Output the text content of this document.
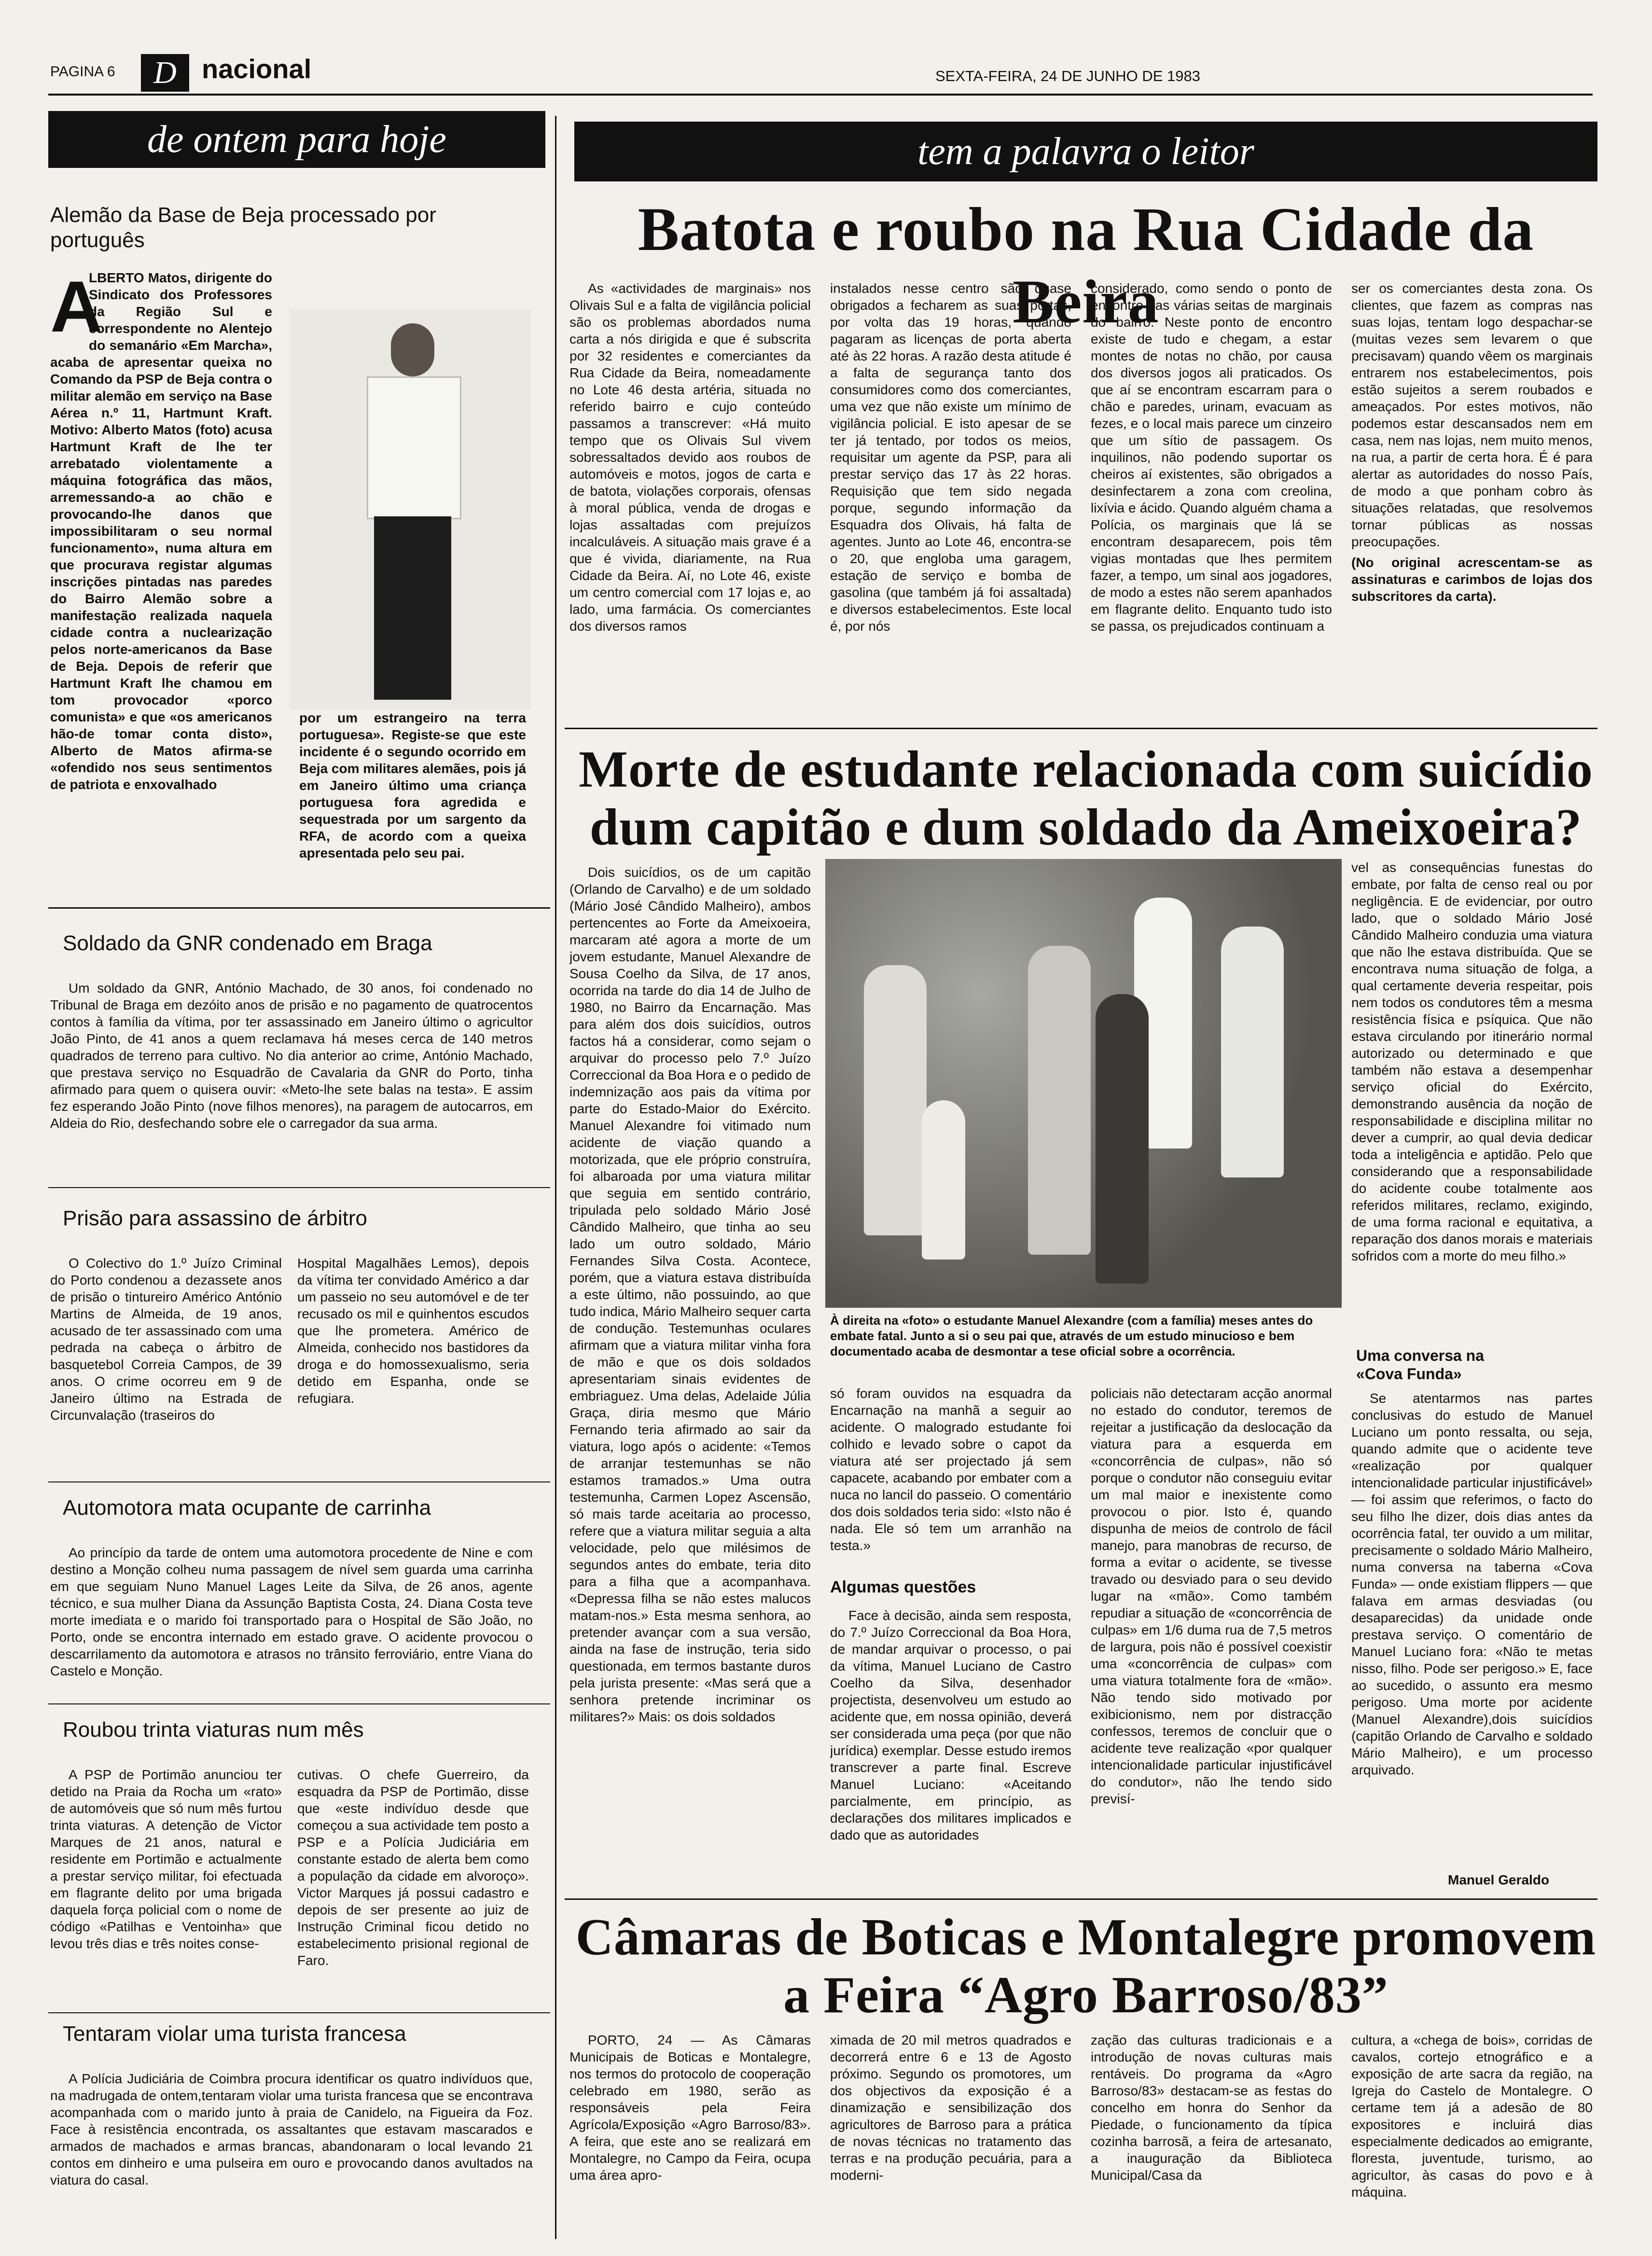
PAGINA 6	D nacional	SEXTA-FEIRA, 24 DE JUNHO DE 1983
de ontem para hoje	tem a palavra o leitor
Alemão da Base de Beja processado por português
A
LBERTO Matos, dirigente do Sindicato dos Professores da Região Sul e correspondente no Alentejo do semanário «Em Marcha», acaba de apresentar queixa no Comando da PSP de Beja contra o militar alemão em serviço na Base Aérea n.º 11, Hartmunt Kraft. Motivo: Alberto Matos (foto) acusa Hartmunt Kraft de lhe ter arrebatado violentamente a máquina fotográfica das mãos, arremessando-a ao chão e provocando-lhe danos que impossibilitaram o seu normal funcionamento», numa altura em que procurava registar algumas inscrições pintadas nas paredes do Bairro Alemão sobre a manifestação realizada naquela cidade contra a nuclearização pelos norte-americanos da Base de Beja. Depois de referir que Hartmunt Kraft lhe chamou em tom provocador «porco comunista» e que «os americanos hão-de tomar conta disto», Alberto de Matos afirma-se «ofendido nos seus sentimentos de patriota e enxovalhado
por um estrangeiro na terra portuguesa». Registe-se que este incidente é o segundo ocorrido em Beja com militares alemães, pois já em Janeiro último uma criança portuguesa fora agredida e sequestrada por um sargento da RFA, de acordo com a queixa apresentada pelo seu pai.
Soldado da GNR condenado em Braga

Um soldado da GNR, António Machado, de 30 anos, foi condenado no Tribunal de Braga em dezóito anos de prisão e no pagamento de quatrocentos contos à família da vítima, por ter assassinado em Janeiro último o agricultor João Pinto, de 41 anos a quem reclamava há meses cerca de 140 metros quadrados de terreno para cultivo. No dia anterior ao crime, António Machado, que prestava serviço no Esquadrão de Cavalaria da GNR do Porto, tinha afirmado para quem o quisera ouvir: «Meto-lhe sete balas na testa». E assim fez esperando João Pinto (nove filhos menores), na paragem de autocarros, em Aldeia do Rio, desfechando sobre ele o carregador da sua arma.

Prisão para assassino de árbitro

O Colectivo do 1.º Juízo Criminal do Porto condenou a dezassete anos de prisão o tintureiro Américo António Martins de Almeida, de 19 anos, acusado de ter assassinado com uma pedrada na cabeça o árbitro de basquetebol Correia Campos, de 39 anos. O crime ocorreu em 9 de Janeiro último na Estrada de Circunvalação (traseiros do

Hospital Magalhães Lemos), depois da vítima ter convidado Américo a dar um passeio no seu automóvel e de ter recusado os mil e quinhentos escudos que lhe prometera. Américo de Almeida, conhecido nos bastidores da droga e do homossexualismo, seria detido em Espanha, onde se refugiara.

Automotora mata ocupante de carrinha

Ao princípio da tarde de ontem uma automotora procedente de Nine e com destino a Monção colheu numa passagem de nível sem guarda uma carrinha em que seguiam Nuno Manuel Lages Leite da Silva, de 26 anos, agente técnico, e sua mulher Diana da Assunção Baptista Costa, 24. Diana Costa teve morte imediata e o marido foi transportado para o Hospital de São João, no Porto, onde se encontra internado em estado grave. O acidente provocou o descarrilamento da automotora e atrasos no trânsito ferroviário, entre Viana do Castelo e Monção.

Roubou trinta viaturas num mês

A PSP de Portimão anunciou ter detido na Praia da Rocha um «rato» de automóveis que só num mês furtou trinta viaturas. A detenção de Victor Marques de 21 anos, natural e residente em Portimão e actualmente a prestar serviço militar, foi efectuada em flagrante delito por uma brigada daquela força policial com o nome de código «Patilhas e Ventoinha» que levou três dias e três noites conse-

cutivas. O chefe Guerreiro, da esquadra da PSP de Portimão, disse que «este indivíduo desde que começou a sua actividade tem posto a PSP e a Polícia Judiciária em constante estado de alerta bem como a população da cidade em alvoroço». Victor Marques já possui cadastro e depois de ser presente ao juiz de Instrução Criminal ficou detido no estabelecimento prisional regional de Faro.

Tentaram violar uma turista francesa

A Polícia Judiciária de Coimbra procura identificar os quatro indivíduos que, na madrugada de ontem,tentaram violar uma turista francesa que se encontrava acompanhada com o marido junto à praia de Canidelo, na Figueira da Foz. Face à resistência encontrada, os assaltantes que estavam mascarados e armados de machados e armas brancas, abandonaram o local levando 21 contos em dinheiro e uma pulseira em ouro e provocando danos avultados na viatura do casal.

Batota e roubo na Rua Cidade da Beira

As «actividades de marginais» nos Olivais Sul e a falta de vigilância policial são os problemas abordados numa carta a nós dirigida e que é subscrita por 32 residentes e comerciantes da Rua Cidade da Beira, nomeadamente no Lote 46 desta artéria, situada no referido bairro e cujo conteúdo passamos a transcrever: «Há muito tempo que os Olivais Sul vivem sobressaltados devido aos roubos de automóveis e motos, jogos de carta e de batota, violações corporais, ofensas à moral pública, venda de drogas e lojas assaltadas com prejuízos incalculáveis. A situação mais grave é a que é vivida, diariamente, na Rua Cidade da Beira. Aí, no Lote 46, existe um centro comercial com 17 lojas e, ao lado, uma farmácia. Os comerciantes dos diversos ramos

instalados nesse centro são quase obrigados a fecharem as suas portas, por volta das 19 horas, quando pagaram as licenças de porta aberta até às 22 horas. A razão desta atitude é a falta de segurança tanto dos consumidores como dos comerciantes, uma vez que não existe um mínimo de vigilância policial. E isto apesar de se ter já tentado, por todos os meios, requisitar um agente da PSP, para ali prestar serviço das 17 às 22 horas. Requisição que tem sido negada porque, segundo informação da Esquadra dos Olivais, há falta de agentes. Junto ao Lote 46, encontra-se o 20, que engloba uma garagem, estação de serviço e bomba de gasolina (que também já foi assaltada) e diversos estabelecimentos. Este local é, por nós

considerado, como sendo o ponto de encontro das várias seitas de marginais do bairro. Neste ponto de encontro existe de tudo e chegam, a estar montes de notas no chão, por causa dos diversos jogos ali praticados. Os que aí se encontram escarram para o chão e paredes, urinam, evacuam as fezes, e o local mais parece um cinzeiro que um sítio de passagem. Os inquilinos, não podendo suportar os cheiros aí existentes, são obrigados a desinfectarem a zona com creolina, lixívia e ácido. Quando alguém chama a Polícia, os marginais que lá se encontram desaparecem, pois têm vigias montadas que lhes permitem fazer, a tempo, um sinal aos jogadores, de modo a estes não serem apanhados em flagrante delito. Enquanto tudo isto se passa, os prejudicados continuam a

ser os comerciantes desta zona. Os clientes, que fazem as compras nas suas lojas, tentam logo despachar-se (muitas vezes sem levarem o que precisavam) quando vêem os marginais entrarem nos estabelecimentos, pois estão sujeitos a serem roubados e ameaçados. Por estes motivos, não podemos estar descansados nem em casa, nem nas lojas, nem muito menos, na rua, a partir de certa hora. É é para alertar as autoridades do nosso País, de modo a que ponham cobro às situações relatadas, que resolvemos tornar públicas as nossas preocupações.

(No original acrescentam-se as assinaturas e carimbos de lojas dos subscritores da carta).

Morte de estudante relacionada com suicídio
dum capitão e dum soldado da Ameixoeira?

Dois suicídios, os de um capitão (Orlando de Carvalho) e de um soldado (Mário José Cândido Malheiro), ambos pertencentes ao Forte da Ameixoeira, marcaram até agora a morte de um jovem estudante, Manuel Alexandre de Sousa Coelho da Silva, de 17 anos, ocorrida na tarde do dia 14 de Julho de 1980, no Bairro da Encarnação. Mas para além dos dois suicídios, outros factos há a considerar, como sejam o arquivar do processo pelo 7.º Juízo Correccional da Boa Hora e o pedido de indemnização aos pais da vítima por parte do Estado-Maior do Exército. Manuel Alexandre foi vitimado num acidente de viação quando a motorizada, que ele próprio construíra, foi albaroada por uma viatura militar que seguia em sentido contrário, tripulada pelo soldado Mário José Cândido Malheiro, que tinha ao seu lado um outro soldado, Mário Fernandes Silva Costa. Acontece, porém, que a viatura estava distribuída a este último, não possuindo, ao que tudo indica, Mário Malheiro sequer carta de condução. Testemunhas oculares afirmam que a viatura militar vinha fora de mão e que os dois soldados apresentariam sinais evidentes de embriaguez. Uma delas, Adelaide Júlia Graça, diria mesmo que Mário Fernando teria afirmado ao sair da viatura, logo após o acidente: «Temos de arranjar testemunhas se não estamos tramados.» Uma outra testemunha, Carmen Lopez Ascensão, só mais tarde aceitaria ao processo, refere que a viatura militar seguia a alta velocidade, pelo que milésimos de segundos antes do embate, teria dito para a filha que a acompanhava. «Depressa filha se não estes malucos matam-nos.» Esta mesma senhora, ao pretender avançar com a sua versão, ainda na fase de instrução, teria sido questionada, em termos bastante duros pela jurista presente: «Mas será que a senhora pretende incriminar os militares?» Mais: os dois soldados

À direita na «foto» o estudante Manuel Alexandre (com a família) meses antes do embate fatal. Junto a si o seu pai que, através de um estudo minucioso e bem documentado acaba de desmontar a tese oficial sobre a ocorrência.

só foram ouvidos na esquadra da Encarnação na manhã a seguir ao acidente. O malogrado estudante foi colhido e levado sobre o capot da viatura até ser projectado já sem capacete, acabando por embater com a nuca no lancil do passeio. O comentário dos dois soldados teria sido: «Isto não é nada. Ele só tem um arranhão na testa.»

Algumas questões

Face à decisão, ainda sem resposta, do 7.º Juízo Correccional da Boa Hora, de mandar arquivar o processo, o pai da vítima, Manuel Luciano de Castro Coelho da Silva, desenhador projectista, desenvolveu um estudo ao acidente que, em nossa opinião, deverá ser considerada uma peça (por que não jurídica) exemplar. Desse estudo iremos transcrever a parte final. Escreve Manuel Luciano: «Aceitando parcialmente, em princípio, as declarações dos militares implicados e dado que as autoridades

policiais não detectaram acção anormal no estado do condutor, teremos de rejeitar a justificação da deslocação da viatura para a esquerda em «concorrência de culpas», não só porque o condutor não conseguiu evitar um mal maior e inexistente como provocou o pior. Isto é, quando dispunha de meios de controlo de fácil manejo, para manobras de recurso, de forma a evitar o acidente, se tivesse travado ou desviado para o seu devido lugar na «mão». Como também repudiar a situação de «concorrência de culpas» em 1/6 duma rua de 7,5 metros de largura, pois não é possível coexistir uma «concorrência de culpas» com uma viatura totalmente fora de «mão». Não tendo sido motivado por exibicionismo, nem por distracção confessos, teremos de concluir que o acidente teve realização «por qualquer intencionalidade particular injustificável do condutor», não lhe tendo sido previsí-

vel as consequências funestas do embate, por falta de censo real ou por negligência. E de evidenciar, por outro lado, que o soldado Mário José Cândido Malheiro conduzia uma viatura que não lhe estava distribuída. Que se encontrava numa situação de folga, a qual certamente deveria respeitar, pois nem todos os condutores têm a mesma resistência física e psíquica. Que não estava circulando por itinerário normal autorizado ou determinado e que também não estava a desempenhar serviço oficial do Exército, demonstrando ausência da noção de responsabilidade e disciplina militar no dever a cumprir, ao qual devia dedicar toda a inteligência e aptidão. Pelo que considerando que a responsabilidade do acidente coube totalmente aos referidos militares, reclamo, exigindo, de uma forma racional e equitativa, a reparação dos danos morais e materiais sofridos com a morte do meu filho.»

Uma conversa na «Cova Funda»

Se atentarmos nas partes conclusivas do estudo de Manuel Luciano um ponto ressalta, ou seja, quando admite que o acidente teve «realização por qualquer intencionalidade particular injustificável» — foi assim que referimos, o facto do seu filho lhe dizer, dois dias antes da ocorrência fatal, ter ouvido a um militar, precisamente o soldado Mário Malheiro, numa conversa na taberna «Cova Funda» — onde existiam flippers — que falava em armas desviadas (ou desaparecidas) da unidade onde prestava serviço. O comentário de Manuel Luciano fora: «Não te metas nisso, filho. Pode ser perigoso.» E, face ao sucedido, o assunto era mesmo perigoso. Uma morte por acidente (Manuel Alexandre),dois suicídios (capitão Orlando de Carvalho e soldado Mário Malheiro), e um processo arquivado.

Manuel Geraldo
Câmaras de Boticas e Montalegre promovem
a Feira “Agro Barroso/83”

PORTO, 24 — As Câmaras Municipais de Boticas e Montalegre, nos termos do protocolo de cooperação celebrado em 1980, serão as responsáveis pela Feira Agrícola/Exposição «Agro Barroso/83». A feira, que este ano se realizará em Montalegre, no Campo da Feira, ocupa uma área apro-

ximada de 20 mil metros quadrados e decorrerá entre 6 e 13 de Agosto próximo. Segundo os promotores, um dos objectivos da exposição é a dinamização e sensibilização dos agricultores de Barroso para a prática de novas técnicas no tratamento das terras e na produção pecuária, para a moderni-

zação das culturas tradicionais e a introdução de novas culturas mais rentáveis. Do programa da «Agro Barroso/83» destacam-se as festas do concelho em honra do Senhor da Piedade, o funcionamento da típica cozinha barrosã, a feira de artesanato, a inauguração da Biblioteca Municipal/Casa da

cultura, a «chega de bois», corridas de cavalos, cortejo etnográfico e a exposição de arte sacra da região, na Igreja do Castelo de Montalegre. O certame tem já a adesão de 80 expositores e incluirá dias especialmente dedicados ao emigrante, floresta, juventude, turismo, ao agricultor, às casas do povo e à máquina.
